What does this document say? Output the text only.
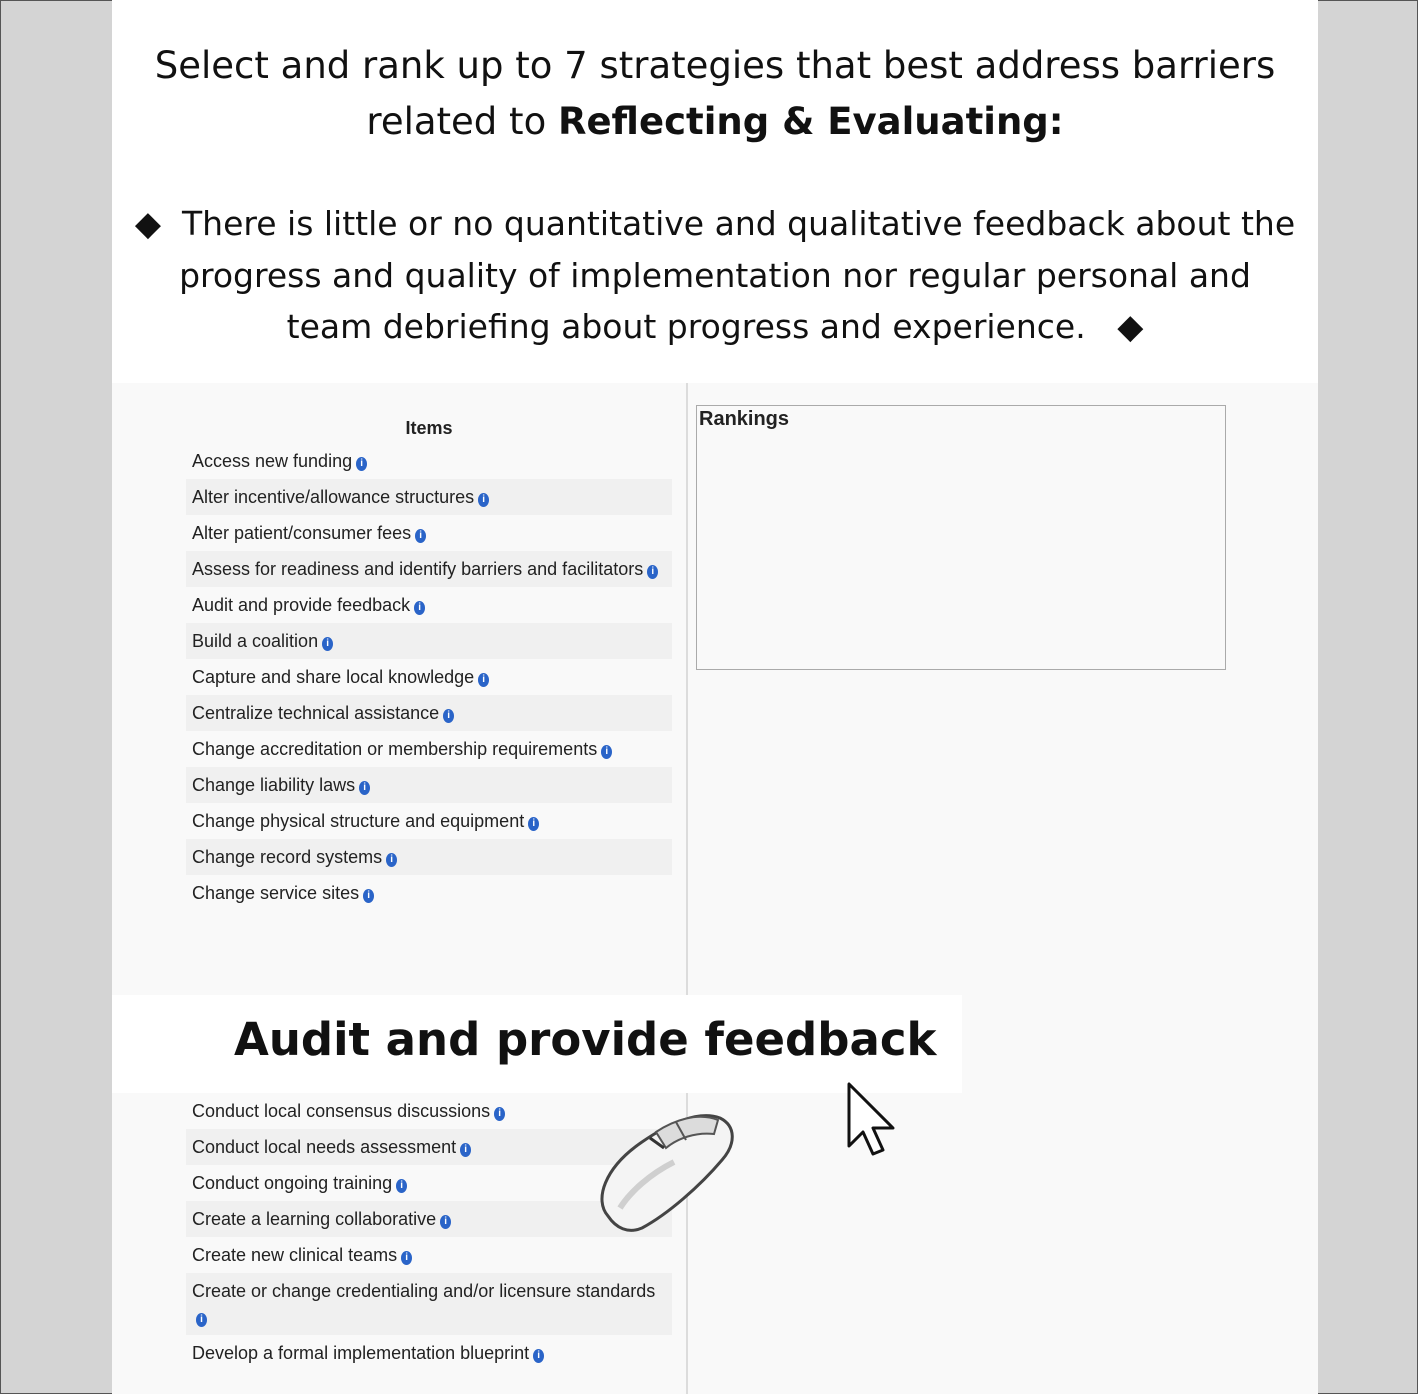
Select and rank up to 7 strategies that best address barriers
related to Reflecting & Evaluating:
◆ There is little or no quantitative and qualitative feedback about the progress and quality of implementation nor regular personal and team debriefing about progress and experience. ◆
Items
Access new funding i
Alter incentive/allowance structures i
Alter patient/consumer fees i
Assess for readiness and identify barriers and facilitators i
Audit and provide feedback i
Build a coalition i
Capture and share local knowledge i
Centralize technical assistance i
Change accreditation or membership requirements i
Change liability laws i
Change physical structure and equipment i
Change record systems i
Change service sites i
Rankings
Conduct local consensus discussions i
Conduct local needs assessment i
Conduct ongoing training i
Create a learning collaborative i
Create new clinical teams i
Create or change credentialing and/or licensure standardsi
Develop a formal implementation blueprint i
Audit and provide feedback
